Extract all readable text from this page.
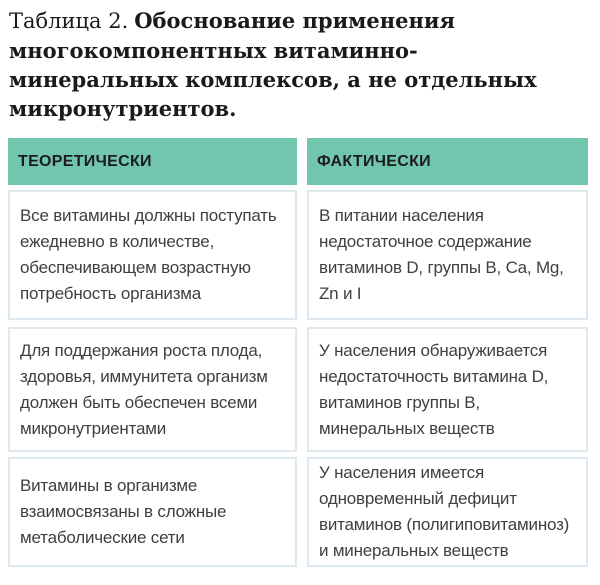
Таблица 2. Обоснование применения
многокомпонентных витаминно-
минеральных комплексов, а не отдельных
микронутриентов.
ТЕОРЕТИЧЕСКИ	ФАКТИЧЕСКИ
Все витамины должны поступать ежедневно в количестве, обеспечивающем возрастную потребность организма
В питании населения недостаточное содержание витаминов D, группы B, Ca, Mg, Zn и I
Для поддержания роста плода, здоровья, иммунитета организм должен быть обеспечен всеми микронутриентами
У населения обнаруживается недостаточность витамина D, витаминов группы B, минеральных веществ
Витамины в организме взаимосвязаны в сложные метаболические сети
У населения имеется одновременный дефицит витаминов (полигиповитаминоз) и минеральных веществ
